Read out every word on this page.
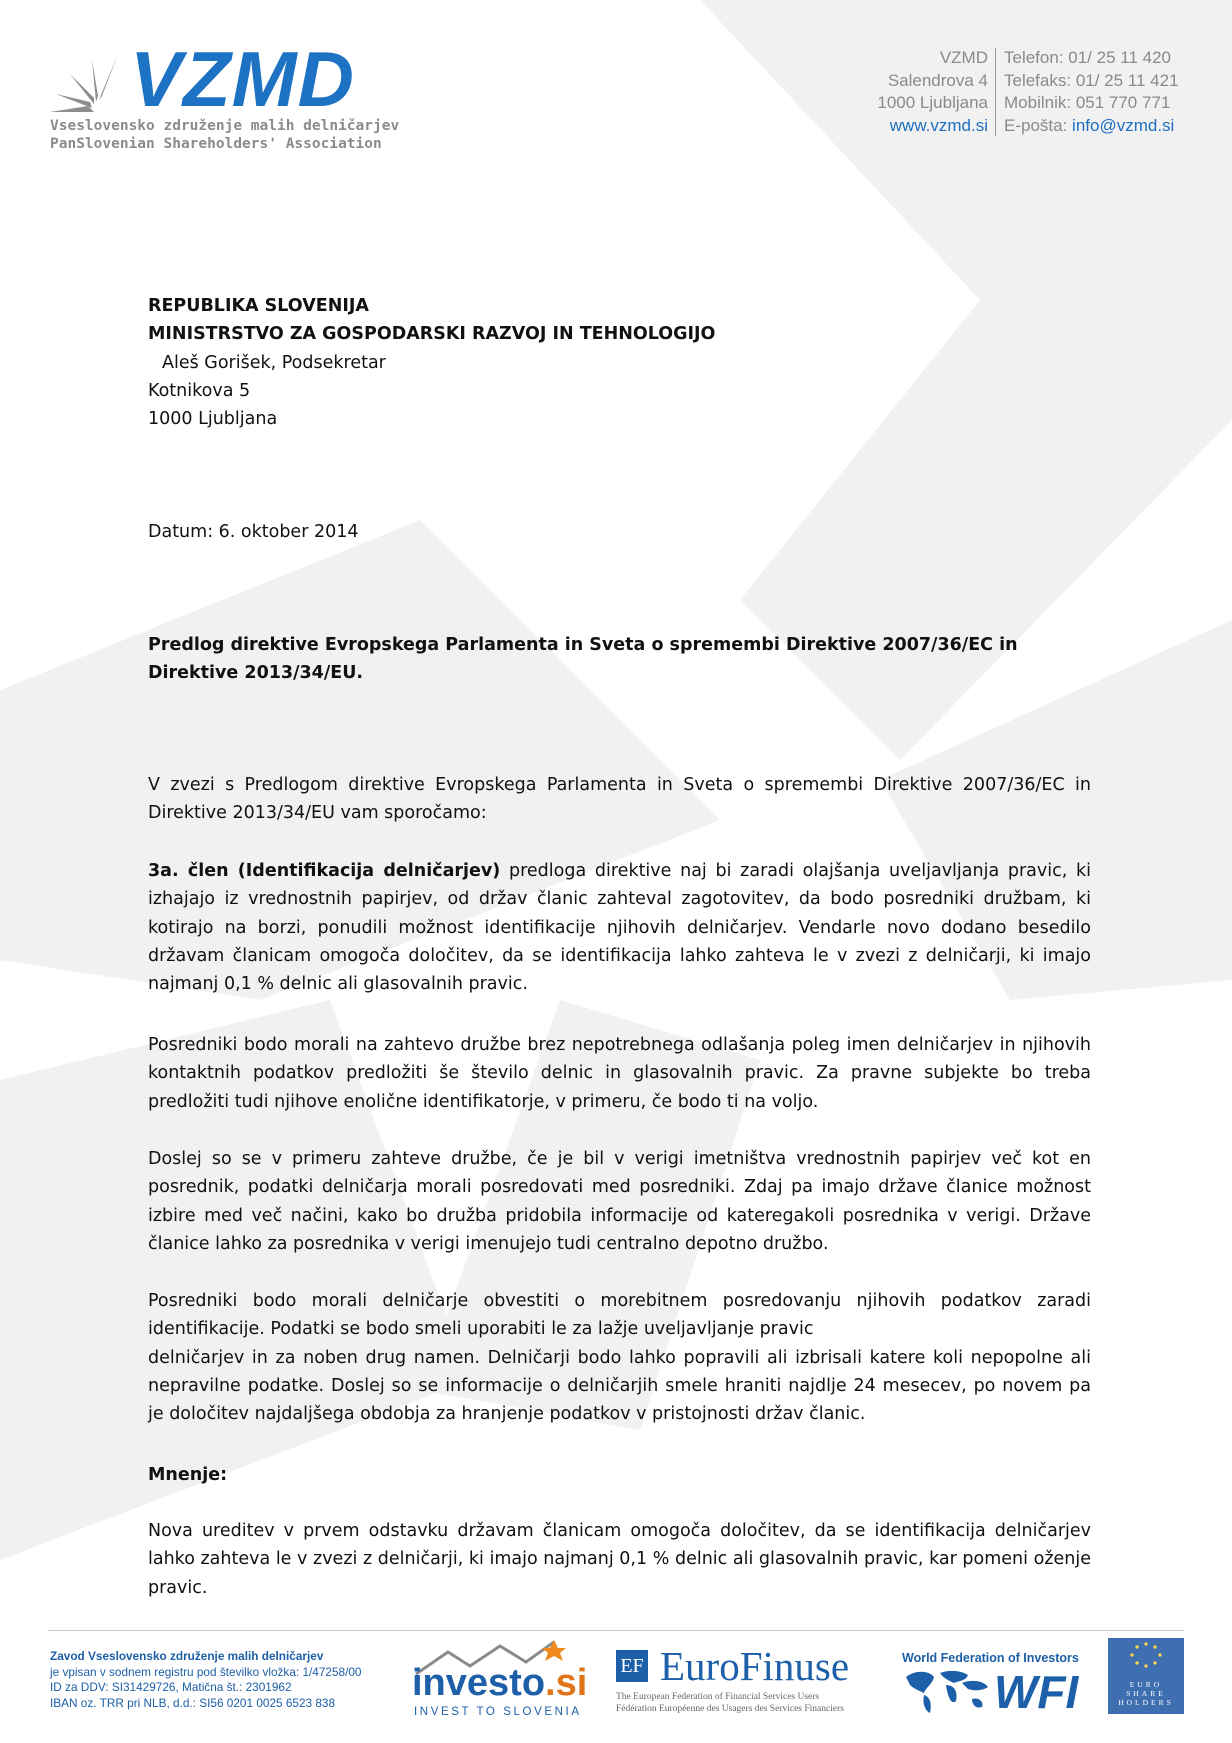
VZMD
Vseslovensko združenje malih delničarjev
PanSlovenian Shareholders' Association
VZMD
Salendrova 4
1000 Ljubljana
www.vzmd.si
Telefon: 01/ 25 11 420
Telefaks: 01/ 25 11 421
Mobilnik: 051 770 771
E-pošta: info@vzmd.si
REPUBLIKA SLOVENIJA
MINISTRSTVO ZA GOSPODARSKI RAZVOJ IN TEHNOLOGIJO
Aleš Gorišek, Podsekretar
Kotnikova 5
1000 Ljubljana
Datum: 6. oktober 2014
Predlog direktive Evropskega Parlamenta in Sveta o spremembi Direktive 2007/36/EC in Direktive 2013/34/EU.
V zvezi s Predlogom direktive Evropskega Parlamenta in Sveta o spremembi Direktive 2007/36/EC in Direktive 2013/34/EU vam sporočamo:
3a. člen (Identifikacija delničarjev) predloga direktive naj bi zaradi olajšanja uveljavljanja pravic, ki izhajajo iz vrednostnih papirjev, od držav članic zahteval zagotovitev, da bodo posredniki družbam, ki kotirajo na borzi, ponudili možnost identifikacije njihovih delničarjev. Vendarle novo dodano besedilo državam članicam omogoča določitev, da se identifikacija lahko zahteva le v zvezi z delničarji, ki imajo najmanj 0,1 % delnic ali glasovalnih pravic.
Posredniki bodo morali na zahtevo družbe brez nepotrebnega odlašanja poleg imen delničarjev in njihovih kontaktnih podatkov predložiti še število delnic in glasovalnih pravic. Za pravne subjekte bo treba predložiti tudi njihove enolične identifikatorje, v primeru, če bodo ti na voljo.
Doslej so se v primeru zahteve družbe, če je bil v verigi imetništva vrednostnih papirjev več kot en posrednik, podatki delničarja morali posredovati med posredniki. Zdaj pa imajo države članice možnost izbire med več načini, kako bo družba pridobila informacije od kateregakoli posrednika v verigi. Države članice lahko za posrednika v verigi imenujejo tudi centralno depotno družbo.
Posredniki bodo morali delničarje obvestiti o morebitnem posredovanju njihovih podatkov zaradi identifikacije. Podatki se bodo smeli uporabiti le za lažje uveljavljanje pravic
delničarjev in za noben drug namen. Delničarji bodo lahko popravili ali izbrisali katere koli nepopolne ali nepravilne podatke. Doslej so se informacije o delničarjih smele hraniti najdlje 24 mesecev, po novem pa je določitev najdaljšega obdobja za hranjenje podatkov v pristojnosti držav članic.
Mnenje:
Nova ureditev v prvem odstavku državam članicam omogoča določitev, da se identifikacija delničarjev lahko zahteva le v zvezi z delničarji, ki imajo najmanj 0,1 % delnic ali glasovalnih pravic, kar pomeni oženje pravic.
Zavod Vseslovensko združenje malih delničarjev
je vpisan v sodnem registru pod številko vložka: 1/47258/00
ID za DDV: SI31429726, Matična št.: 2301962
IBAN oz. TRR pri NLB, d.d.: SI56 0201 0025 6523 838	investo.si
INVEST TO SLOVENIA
EF EuroFinuse
The European Federation of Financial Services Users
Fédération Européenne des Usagers des Services Financiers
World Federation of Investors
WFI	EURO
SHARE
HOLDERS
